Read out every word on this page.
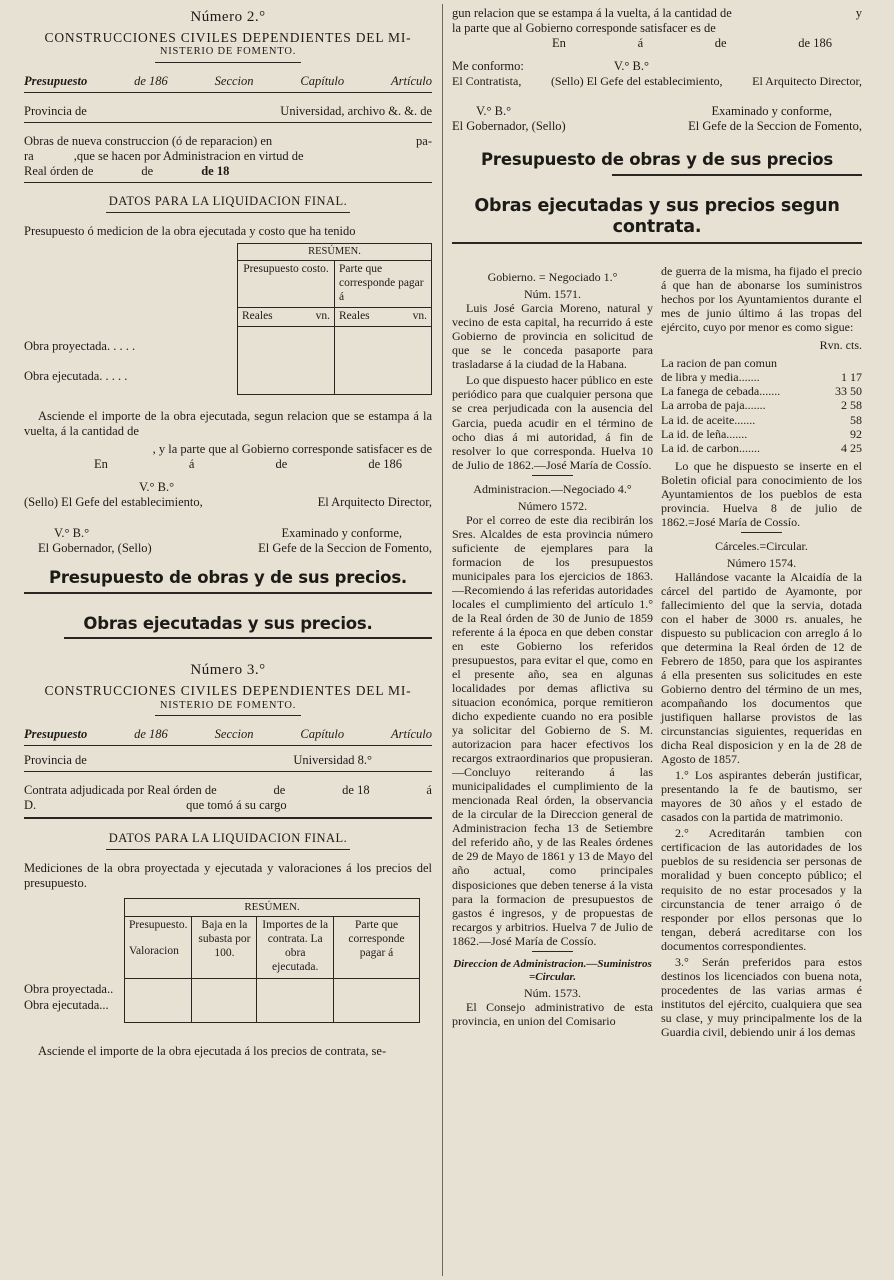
Número 2.°
CONSTRUCCIONES CIVILES DEPENDIENTES DEL MI-
NISTERIO DE FOMENTO.
Presupuesto	de 186	Seccion	Capítulo	Artículo
Provincia de	Universidad, archivo &. &. de
Obras de nueva construccion (ó de reparacion) en	pa-
ra	,que se hacen por Administracion en virtud de
Real órden de	de	de 18
DATOS PARA LA LIQUIDACION FINAL.
Presupuesto ó medicion de la obra ejecutada y costo que ha tenido
RESÚMEN.	
Presupuesto costo.	Parte que corresponde pagar á

Reales vn.	Reales vn.

Obra proyectada. . . . .
Obra ejecutada. . . . .
Asciende el importe de la obra ejecutada, segun relacion que se estampa á la vuelta, á la cantidad de
, y la parte que al Gobierno corresponde satisfacer es de
En	á	de	de 186
V.° B.°
(Sello) El Gefe del establecimiento,	El Arquitecto Director,
V.° B.°	Examinado y conforme,
El Gobernador, (Sello)	El Gefe de la Seccion de Fomento,
Presupuesto de obras y de sus precios.
Obras ejecutadas y sus precios.
Número 3.°
CONSTRUCCIONES CIVILES DEPENDIENTES DEL MI-
NISTERIO DE FOMENTO.
Presupuesto	de 186	Seccion	Capítulo	Artículo
Provincia de	Universidad 8.°
Contrata adjudicada por Real órden de	de	de 18	á
D.	que tomó á su cargo
DATOS PARA LA LIQUIDACION FINAL.
Mediciones de la obra proyectada y ejecutada y valoraciones á los precios del presupuesto.
RESÚMEN.			

Presupuesto.
Valoracion	Baja en la subasta por 100.	Importes de la contrata. La obra ejecutada.	Parte que corresponde pagar á

Obra proyectada..
Obra ejecutada...
Asciende el importe de la obra ejecutada á los precios de contrata, se-
gun relacion que se estampa á la vuelta, á la cantidad de	y
la parte que al Gobierno corresponde satisfacer es de
En	á	de	de 186
Me conformo:	V.° B.°
El Contratista, (Sello) El Gefe del establecimiento, El Arquitecto Director,
V.° B.°	Examinado y conforme,
El Gobernador, (Sello)	El Gefe de la Seccion de Fomento,
Presupuesto de obras y de sus precios
Obras ejecutadas y sus precios segun contrata.
Gobierno. = Negociado 1.°
Núm. 1571.

Luis José Garcia Moreno, natural y vecino de esta capital, ha recurrido á este Gobierno de provincia en solicitud de que se le conceda pasaporte para trasladarse á la ciudad de la Habana.

Lo que dispuesto hacer público en este periódico para que cualquier persona que se crea perjudicada con la ausencia del Garcia, pueda acudir en el término de ocho dias á mi autoridad, á fin de resolver lo que corresponda. Huelva 10 de Julio de 1862.—José María de Cossío.

Administracion.—Negociado 4.°
Número 1572.

Por el correo de este dia recibirán los Sres. Alcaldes de esta provincia número suficiente de ejemplares para la formacion de los presupuestos municipales para los ejercicios de 1863.—Recomiendo á las referidas autoridades locales el cumplimiento del artículo 1.° de la Real órden de 30 de Junio de 1859 referente á la época en que deben constar en este Gobierno los referidos presupuestos, para evitar el que, como en el presente año, sea en algunas localidades por demas aflictiva su situacion económica, porque remitieron dicho expediente cuando no era posible ya solicitar del Gobierno de S. M. autorizacion para hacer efectivos los recargos extraordinarios que propusieran.—Concluyo reiterando á las municipalidades el cumplimiento de la mencionada Real órden, la observancia de la circular de la Direccion general de Administracion fecha 13 de Setiembre del referido año, y de las Reales órdenes de 29 de Mayo de 1861 y 13 de Mayo del año actual, como principales disposiciones que deben tenerse á la vista para la formacion de presupuestos de gastos é ingresos, y de propuestas de recargos y arbitrios. Huelva 7 de Julio de 1862.—José María de Cossío.

Direccion de Administracion.—Suministros =Circular.
Núm. 1573.

El Consejo administrativo de esta provincia, en union del Comisario

de guerra de la misma, ha fijado el precio á que han de abonarse los suministros hechos por los Ayuntamientos durante el mes de junio último á las tropas del ejército, cuyo por menor es como sigue:

Rvn. cts.
La racion de pan comun
de libra y media.......	1 17
La fanega de cebada.......	33 50
La arroba de paja.......	2 58
La id. de aceite.......	58
La id. de leña.......	92
La id. de carbon.......	4 25

Lo que he dispuesto se inserte en el Boletin oficial para conocimiento de los Ayuntamientos de los pueblos de esta provincia. Huelva 8 de julio de 1862.=José María de Cossío.

Cárceles.=Circular.
Número 1574.

Hallándose vacante la Alcaidía de la cárcel del partido de Ayamonte, por fallecimiento del que la servia, dotada con el haber de 3000 rs. anuales, he dispuesto su publicacion con arreglo á lo que determina la Real órden de 12 de Febrero de 1850, para que los aspirantes á ella presenten sus solicitudes en este Gobierno dentro del término de un mes, acompañando los documentos que justifiquen hallarse provistos de las circunstancias siguientes, requeridas en dicha Real disposicion y en la de 28 de Agosto de 1857.

1.° Los aspirantes deberán justificar, presentando la fe de bautismo, ser mayores de 30 años y el estado de casados con la partida de matrimonio.

2.° Acreditarán tambien con certificacion de las autoridades de los pueblos de su residencia ser personas de moralidad y buen concepto público; el requisito de no estar procesados y la circunstancia de tener arraigo ó de responder por ellos personas que lo tengan, deberá acreditarse con los documentos correspondientes.

3.° Serán preferidos para estos destinos los licenciados con buena nota, procedentes de las varias armas é institutos del ejército, cualquiera que sea su clase, y muy principalmente los de la Guardia civil, debiendo unir á los demas
